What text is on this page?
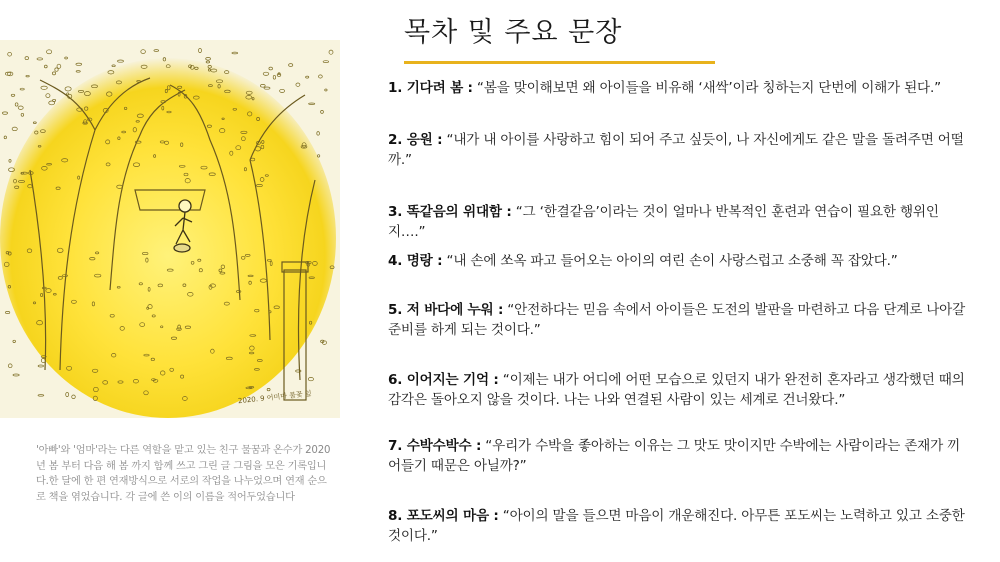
2020. 9 어미마 물꽃 잎
'아빠'와 '엄마'라는 다른 역할을 맡고 있는 친구 물꿈과 온수가 2020년 봄 부터 다음 해 봄 까지 함께 쓰고 그린 글 그림을 모은 기록입니다.한 달에 한 편 연재방식으로 서로의 작업을 나누었으며 연재 순으로 책을 엮었습니다. 각 글에 쓴 이의 이름을 적어두었습니다
목차 및 주요 문장
1. 기다려 봄 : “봄을 맞이해보면 왜 아이들을 비유해 ‘새싹’이라 칭하는지 단번에 이해가 된다.”
2. 응원 : “내가 내 아이를 사랑하고 힘이 되어 주고 싶듯이, 나 자신에게도 같은 말을 돌려주면 어떨까.”
3. 똑같음의 위대함 : “그 ‘한결같음’이라는 것이 얼마나 반복적인 훈련과 연습이 필요한 행위인지….”
4. 명랑 : “내 손에 쏘옥 파고 들어오는 아이의 여린 손이 사랑스럽고 소중해 꼭 잡았다.”
5. 저 바다에 누워 : “안전하다는 믿음 속에서 아이들은 도전의 발판을 마련하고 다음 단계로 나아갈 준비를 하게 되는 것이다.”
6. 이어지는 기억 : “이제는 내가 어디에 어떤 모습으로 있던지 내가 완전히 혼자라고 생각했던 때의 감각은 돌아오지 않을 것이다. 나는 나와 연결된 사람이 있는 세계로 건너왔다.”
7. 수박수박수 : “우리가 수박을 좋아하는 이유는 그 맛도 맛이지만 수박에는 사람이라는 존재가 끼어들기 때문은 아닐까?”
8. 포도씨의 마음 : “아이의 말을 들으면 마음이 개운해진다. 아무튼 포도씨는 노력하고 있고 소중한 것이다.”
